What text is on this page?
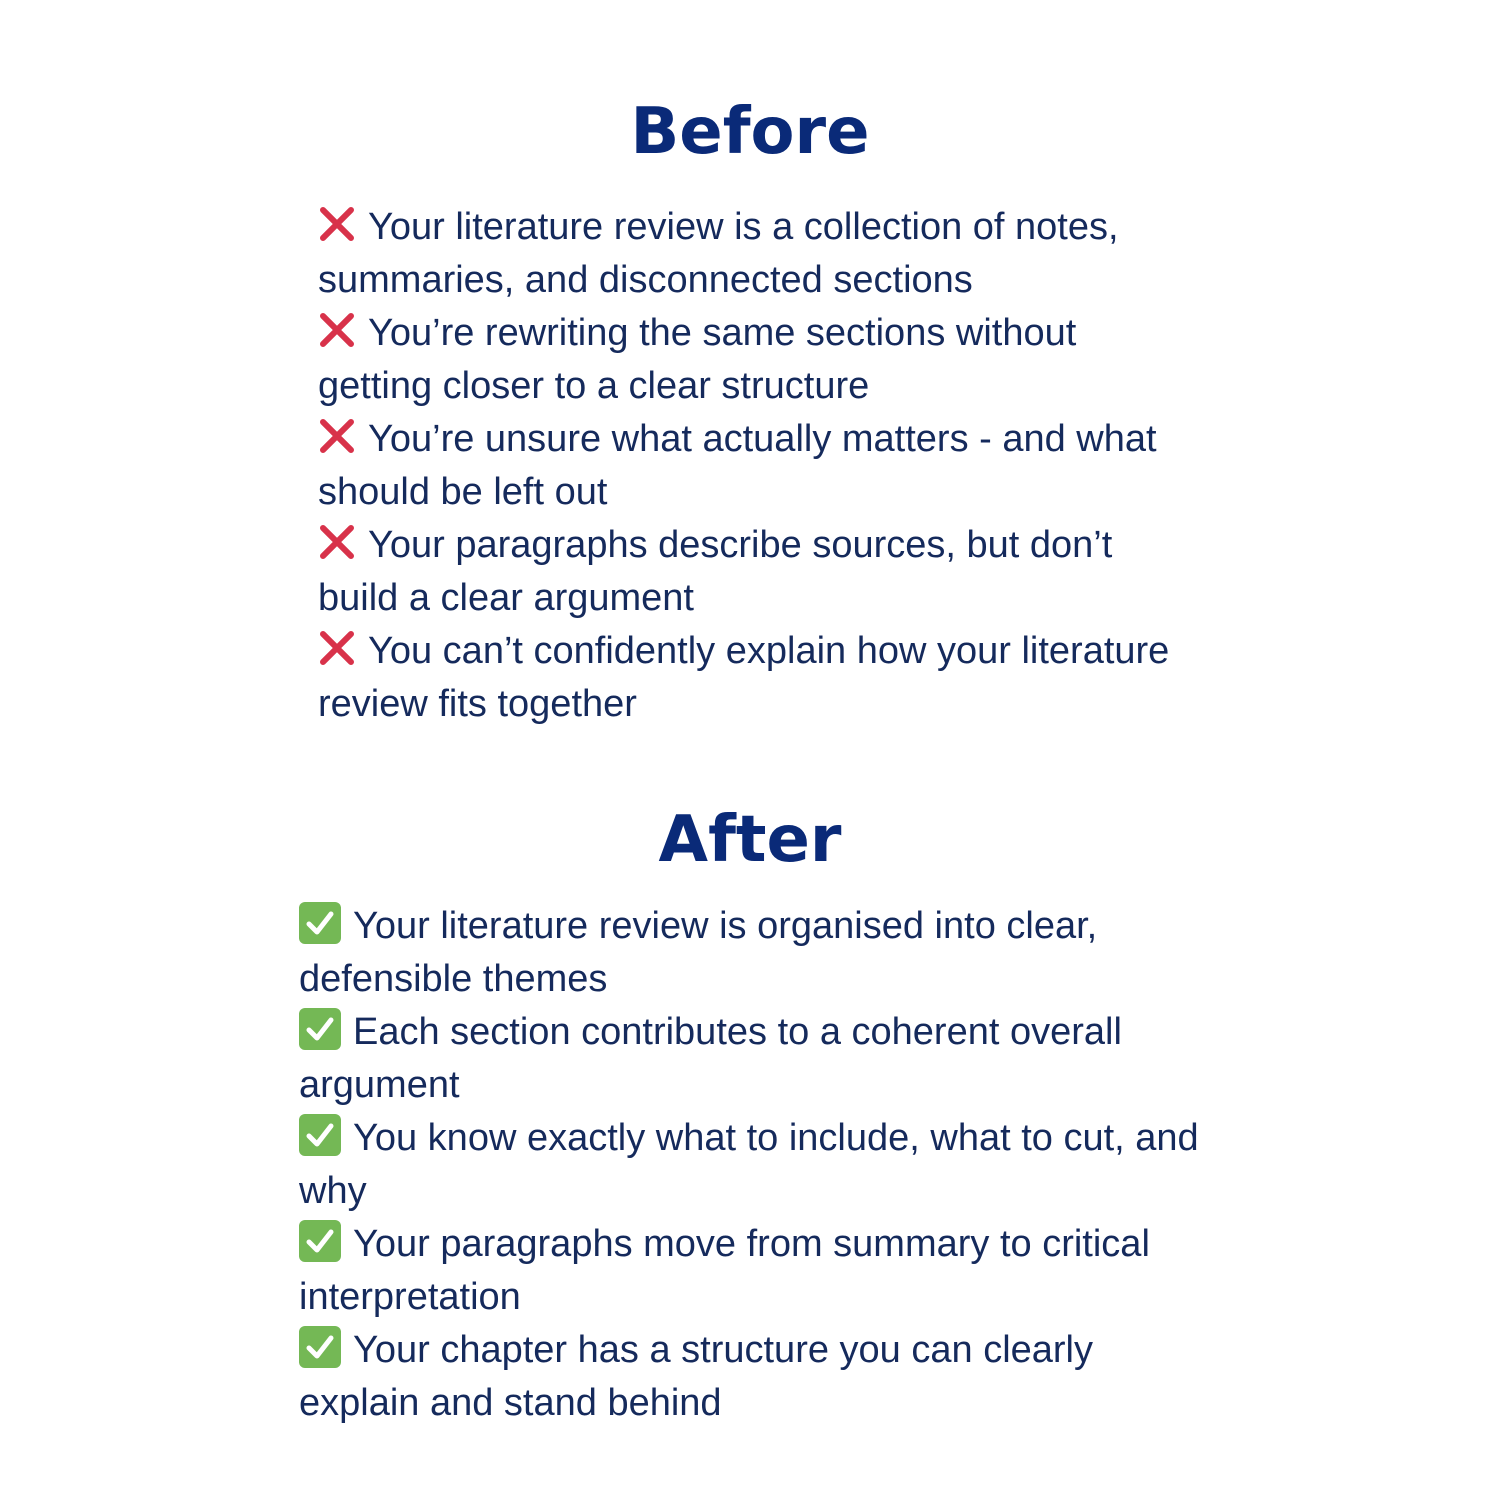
Before
Your literature review is a collection of notes, summaries, and disconnected sections
You’re rewriting the same sections without getting closer to a clear structure
You’re unsure what actually matters - and what should be left out
Your paragraphs describe sources, but don’t build a clear argument
You can’t confidently explain how your literature review fits together
After
Your literature review is organised into clear, defensible themes
Each section contributes to a coherent overall argument
You know exactly what to include, what to cut, and why
Your paragraphs move from summary to critical interpretation
Your chapter has a structure you can clearly explain and stand behind
